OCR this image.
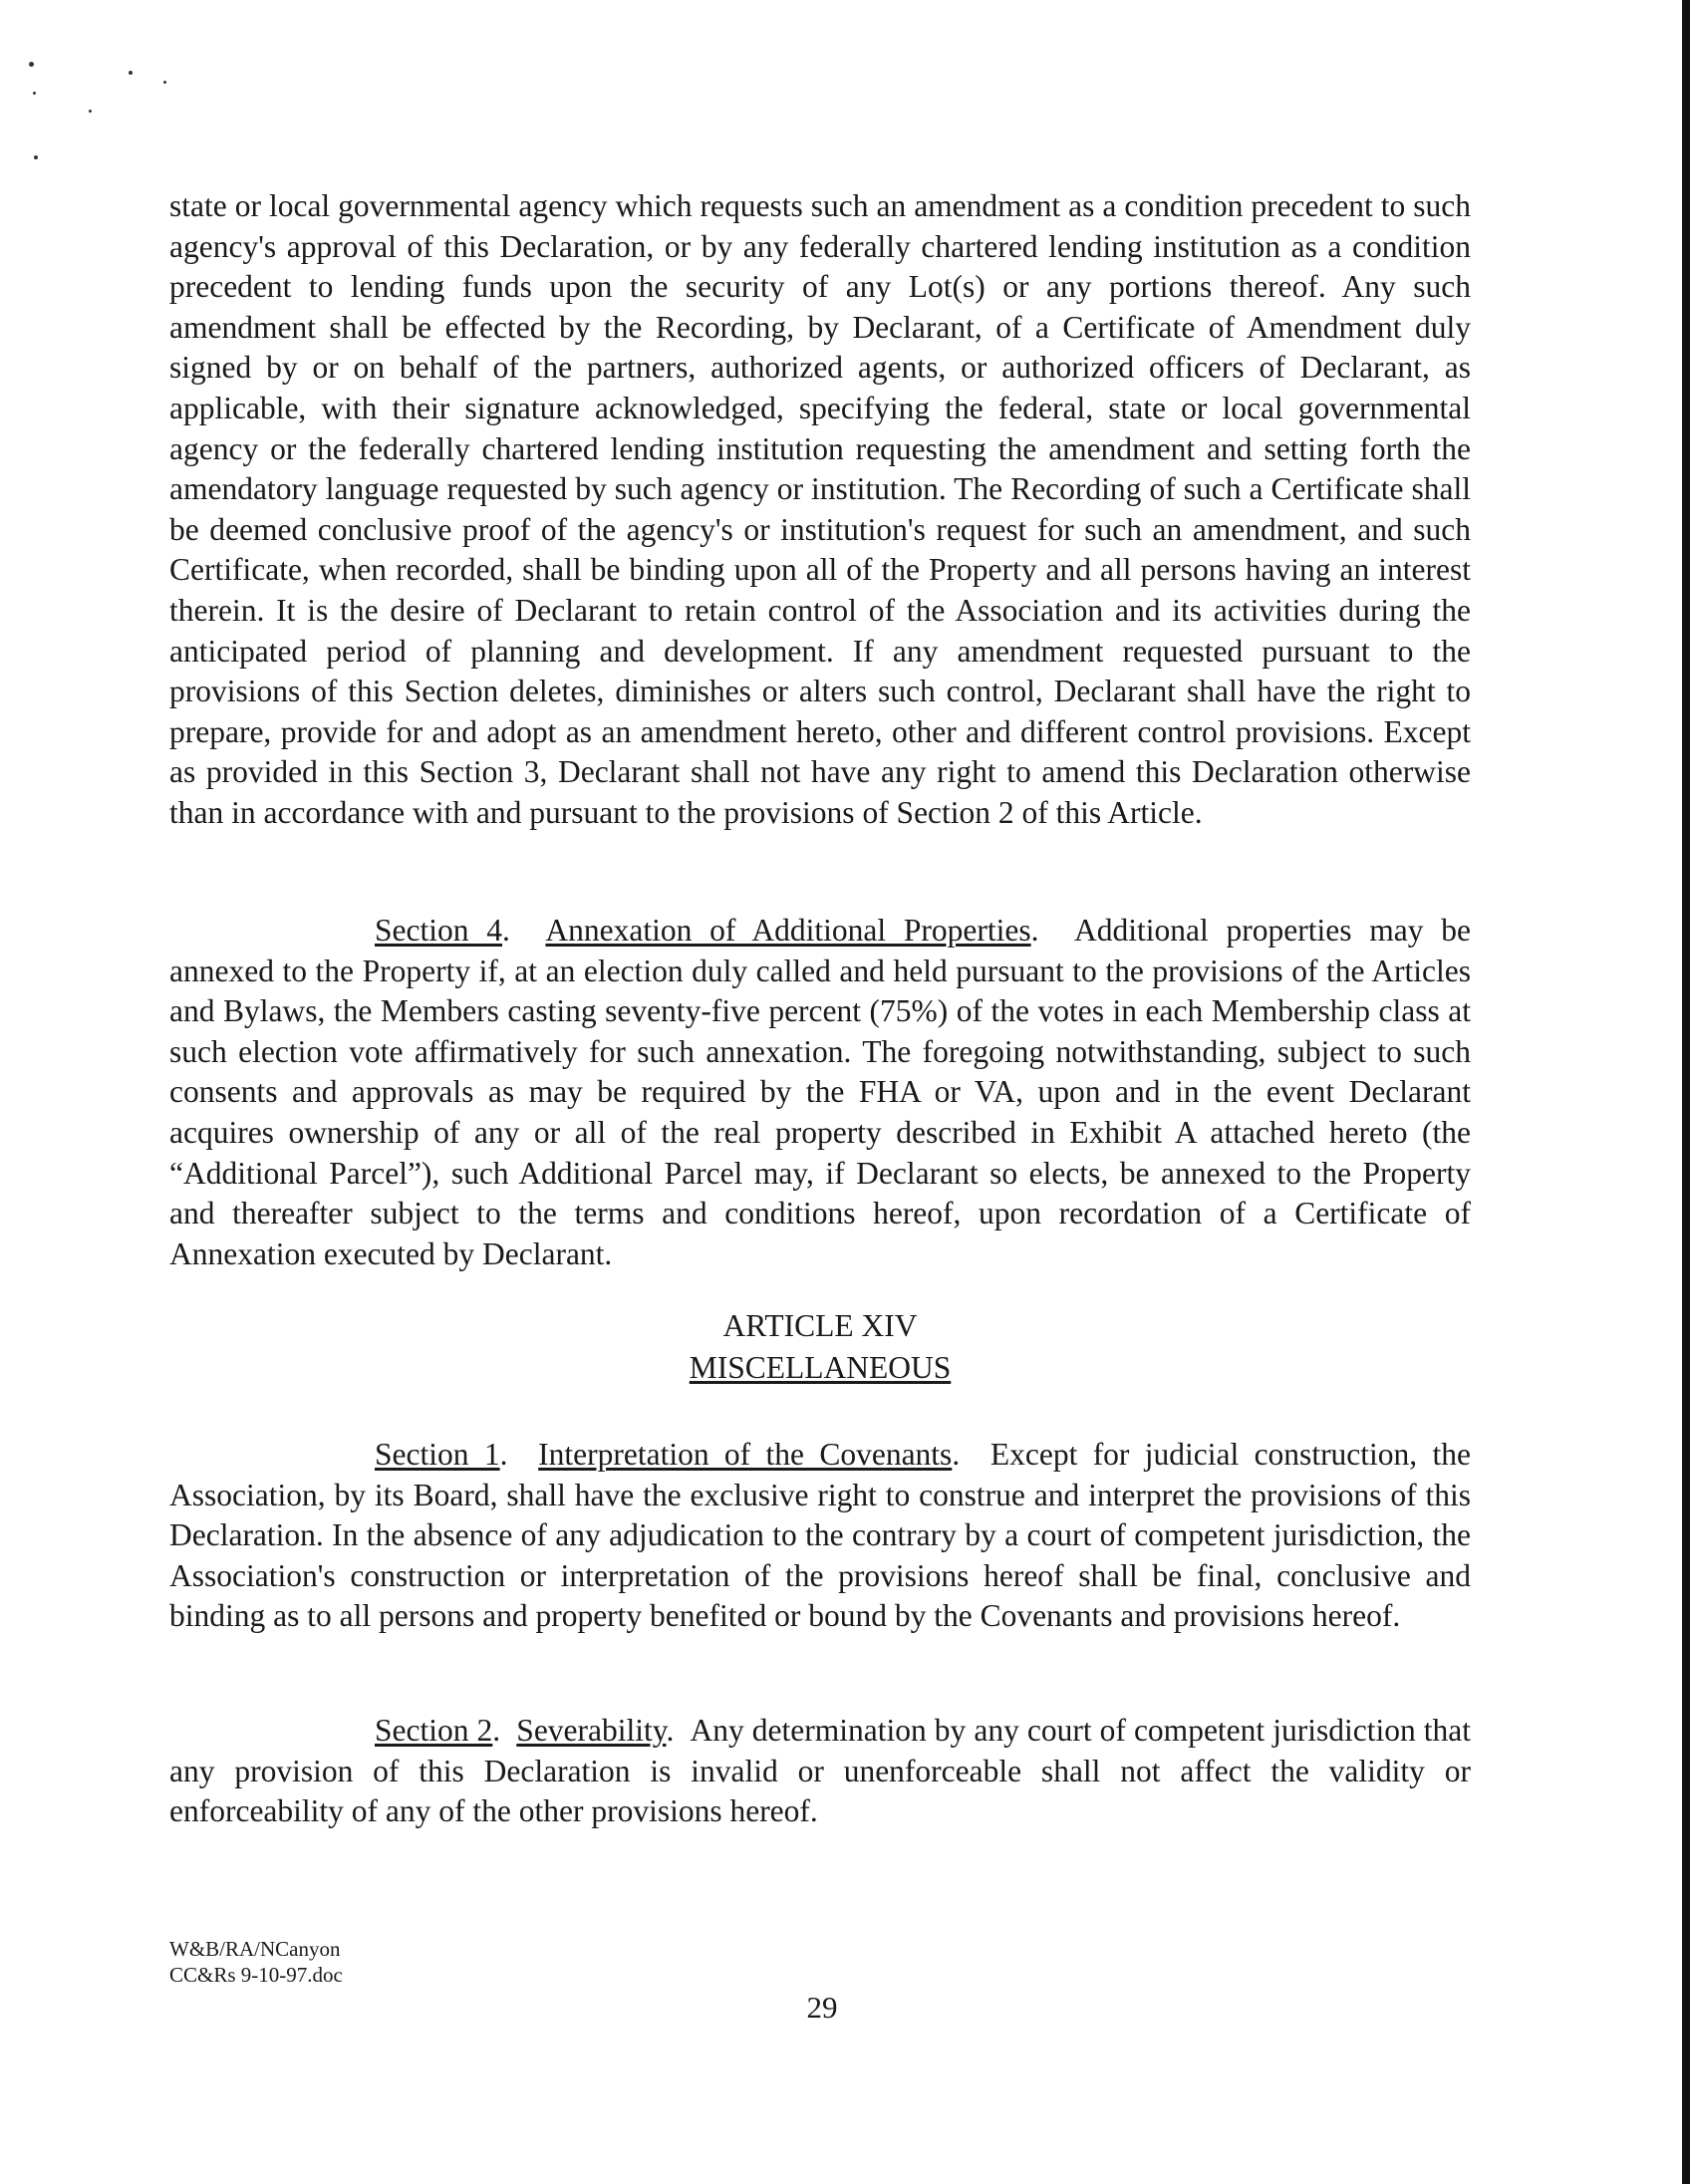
state or local governmental agency which requests such an amendment as a condition precedent to such agency's approval of this Declaration, or by any federally chartered lending institution as a condition precedent to lending funds upon the security of any Lot(s) or any portions thereof. Any such amendment shall be effected by the Recording, by Declarant, of a Certificate of Amendment duly signed by or on behalf of the partners, authorized agents, or authorized officers of Declarant, as applicable, with their signature acknowledged, specifying the federal, state or local governmental agency or the federally chartered lending institution requesting the amendment and setting forth the amendatory language requested by such agency or institution. The Recording of such a Certificate shall be deemed conclusive proof of the agency's or institution's request for such an amendment, and such Certificate, when recorded, shall be binding upon all of the Property and all persons having an interest therein. It is the desire of Declarant to retain control of the Association and its activities during the anticipated period of planning and development. If any amendment requested pursuant to the provisions of this Section deletes, diminishes or alters such control, Declarant shall have the right to prepare, provide for and adopt as an amendment hereto, other and different control provisions. Except as provided in this Section 3, Declarant shall not have any right to amend this Declaration otherwise than in accordance with and pursuant to the provisions of Section 2 of this Article.

Section 4.  Annexation of Additional Properties.  Additional properties may be annexed to the Property if, at an election duly called and held pursuant to the provisions of the Articles and Bylaws, the Members casting seventy-five percent (75%) of the votes in each Membership class at such election vote affirmatively for such annexation. The foregoing notwithstanding, subject to such consents and approvals as may be required by the FHA or VA, upon and in the event Declarant acquires ownership of any or all of the real property described in Exhibit A attached hereto (the “Additional Parcel”), such Additional Parcel may, if Declarant so elects, be annexed to the Property and thereafter subject to the terms and conditions hereof, upon recordation of a Certificate of Annexation executed by Declarant.

ARTICLE XIV

MISCELLANEOUS

Section 1.  Interpretation of the Covenants.  Except for judicial construction, the Association, by its Board, shall have the exclusive right to construe and interpret the provisions of this Declaration. In the absence of any adjudication to the contrary by a court of competent jurisdiction, the Association's construction or interpretation of the provisions hereof shall be final, conclusive and binding as to all persons and property benefited or bound by the Covenants and provisions hereof.

Section 2.  Severability.  Any determination by any court of competent jurisdiction that any provision of this Declaration is invalid or unenforceable shall not affect the validity or enforceability of any of the other provisions hereof.

W&B/RA/NCanyon
CC&Rs 9-10-97.doc

29
